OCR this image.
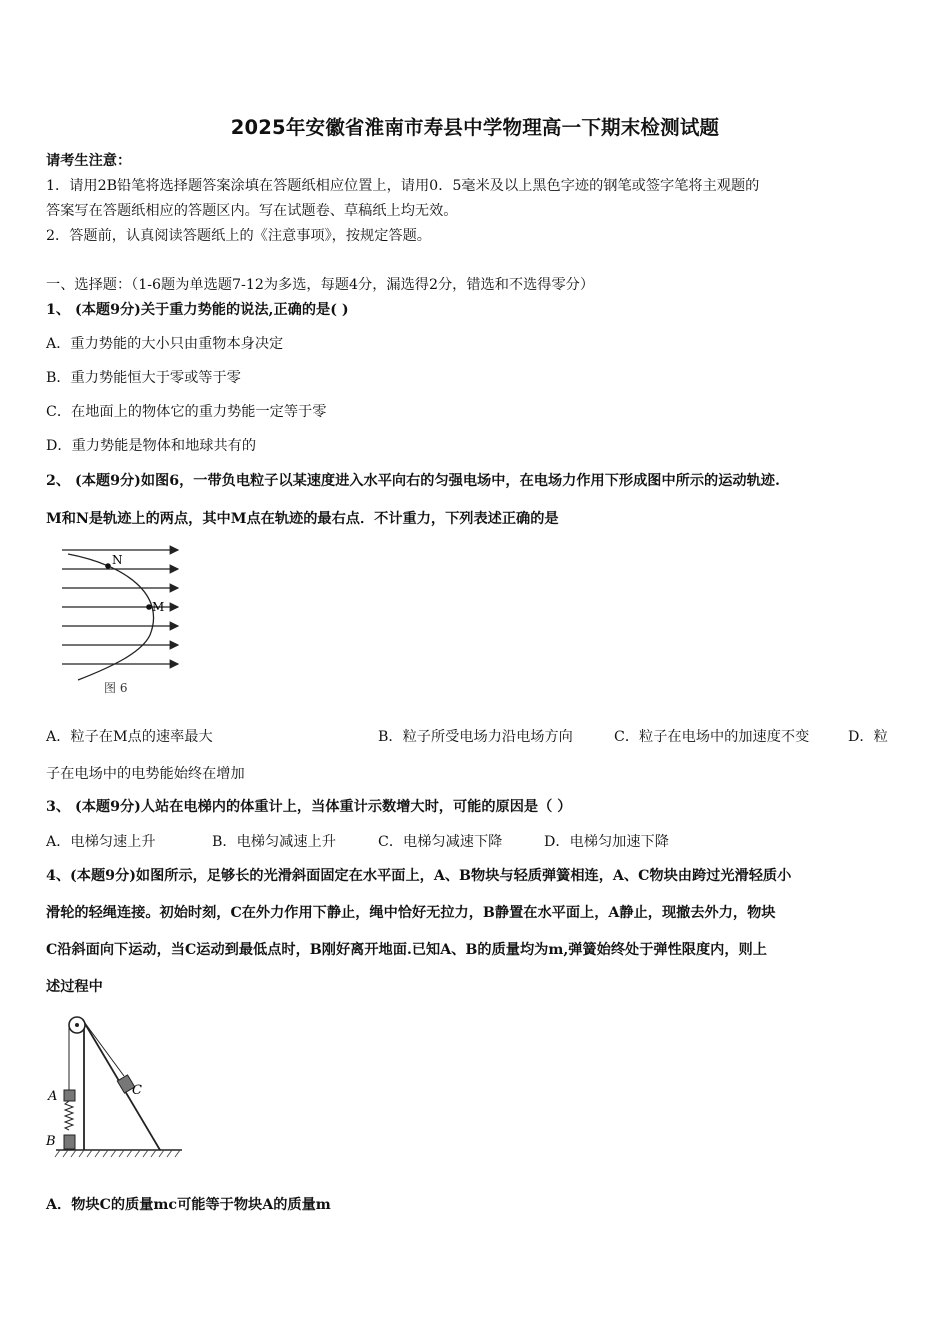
2025年安徽省淮南市寿县中学物理高一下期末检测试题
请考生注意：
1．请用2B铅笔将选择题答案涂填在答题纸相应位置上，请用0．5毫米及以上黑色字迹的钢笔或签字笔将主观题的
答案写在答题纸相应的答题区内。写在试题卷、草稿纸上均无效。
2．答题前，认真阅读答题纸上的《注意事项》，按规定答题。
一、选择题：（1-6题为单选题7-12为多选，每题4分，漏选得2分，错选和不选得零分）
1、 (本题9分)关于重力势能的说法,正确的是( )
A．重力势能的大小只由重物本身决定
B．重力势能恒大于零或等于零
C．在地面上的物体它的重力势能一定等于零
D．重力势能是物体和地球共有的
2、 (本题9分)如图6，一带负电粒子以某速度进入水平向右的匀强电场中，在电场力作用下形成图中所示的运动轨迹.
M和N是轨迹上的两点，其中M点在轨迹的最右点．不计重力，下列表述正确的是
N
M
图 6
A．粒子在M点的速率最大	B．粒子所受电场力沿电场方向	C．粒子在电场中的加速度不变	D．粒
子在电场中的电势能始终在增加
3、 (本题9分)人站在电梯内的体重计上，当体重计示数增大时，可能的原因是（ ）
A．电梯匀速上升	B．电梯匀减速上升	C．电梯匀减速下降	D．电梯匀加速下降
4、(本题9分)如图所示，足够长的光滑斜面固定在水平面上，A、B物块与轻质弹簧相连，A、C物块由跨过光滑轻质小
滑轮的轻绳连接。初始时刻，C在外力作用下静止，绳中恰好无拉力，B静置在水平面上，A静止，现撤去外力，物块
C沿斜面向下运动，当C运动到最低点时，B刚好离开地面.已知A、B的质量均为m,弹簧始终处于弹性限度内，则上
述过程中
A
B
C
A．物块C的质量mc可能等于物块A的质量m
